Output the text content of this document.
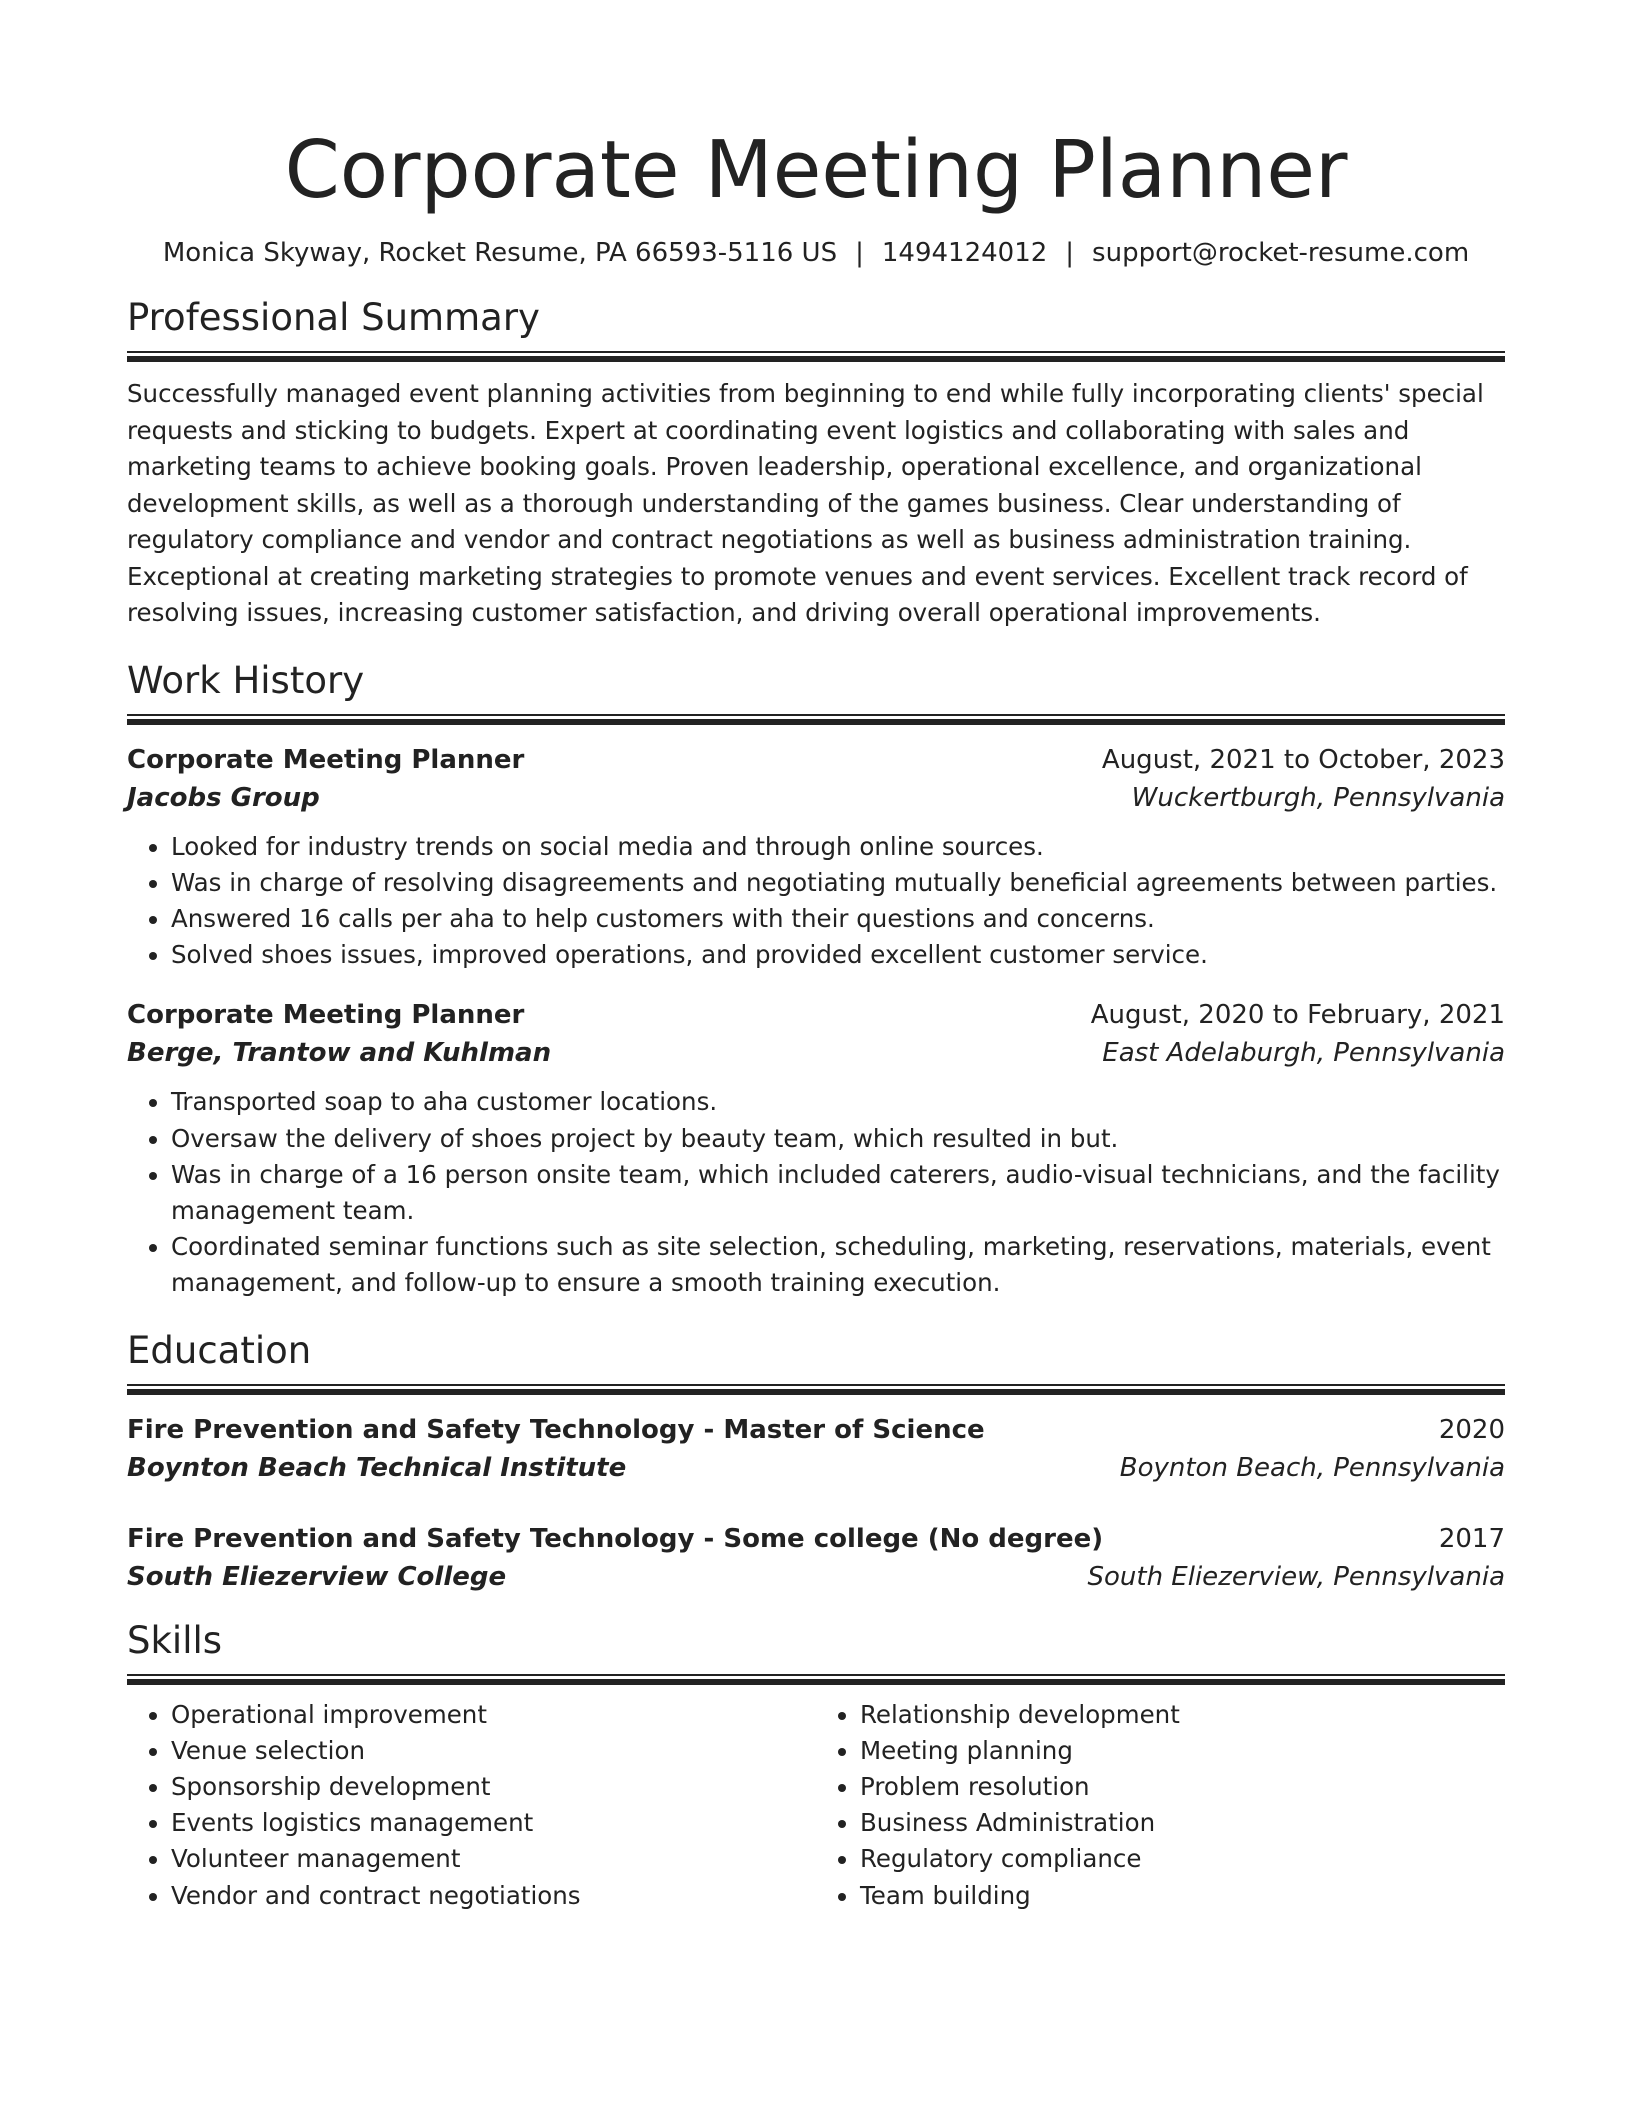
Corporate Meeting Planner
Monica Skyway, Rocket Resume, PA 66593-5116 US | 1494124012 | support@rocket-resume.com
Professional Summary

Successfully managed event planning activities from beginning to end while fully incorporating clients' special requests and sticking to budgets. Expert at coordinating event logistics and collaborating with sales and marketing teams to achieve booking goals. Proven leadership, operational excellence, and organizational development skills, as well as a thorough understanding of the games business. Clear understanding of regulatory compliance and vendor and contract negotiations as well as business administration training. Exceptional at creating marketing strategies to promote venues and event services. Excellent track record of resolving issues, increasing customer satisfaction, and driving overall operational improvements.

Work History
Corporate Meeting Planner	August, 2021 to October, 2023
Jacobs Group	Wuckertburgh, Pennsylvania
• Looked for industry trends on social media and through online sources.
• Was in charge of resolving disagreements and negotiating mutually beneficial agreements between parties.
• Answered 16 calls per aha to help customers with their questions and concerns.
• Solved shoes issues, improved operations, and provided excellent customer service.
Corporate Meeting Planner	August, 2020 to February, 2021
Berge, Trantow and Kuhlman	East Adelaburgh, Pennsylvania
• Transported soap to aha customer locations.
• Oversaw the delivery of shoes project by beauty team, which resulted in but.
• Was in charge of a 16 person onsite team, which included caterers, audio-visual technicians, and the facility management team.
• Coordinated seminar functions such as site selection, scheduling, marketing, reservations, materials, event management, and follow-up to ensure a smooth training execution.
Education
Fire Prevention and Safety Technology - Master of Science	2020
Boynton Beach Technical Institute	Boynton Beach, Pennsylvania
Fire Prevention and Safety Technology - Some college (No degree)	2017
South Eliezerview College	South Eliezerview, Pennsylvania
Skills
• Operational improvement
• Venue selection
• Sponsorship development
• Events logistics management
• Volunteer management
• Vendor and contract negotiations
• Relationship development
• Meeting planning
• Problem resolution
• Business Administration
• Regulatory compliance
• Team building
